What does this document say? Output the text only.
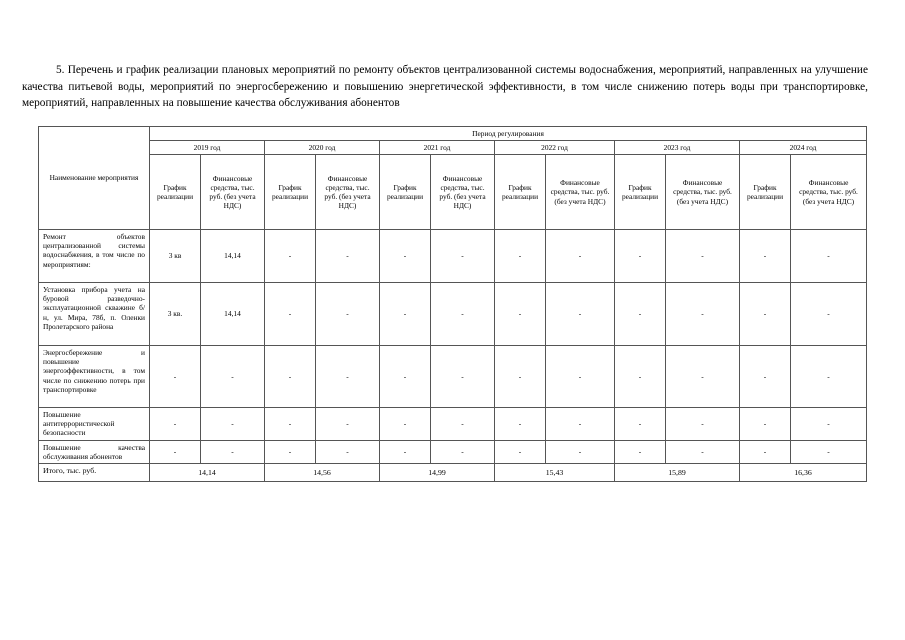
5. Перечень и график реализации плановых мероприятий по ремонту объектов централизованной системы водоснабжения, мероприятий, направленных на улучшение качества питьевой воды, мероприятий по энергосбережению и повышению энергетической эффективности, в том числе снижению потерь воды при транспортировке, мероприятий, направленных на повышение качества обслуживания абонентов

Наименование мероприятия	Период регулирования											
	2019 год		2020 год		2021 год		2022 год		2023 год		2024 год	
	График реализации	Финансовые средства, тыс. руб. (без учета НДС)	График реализации	Финансовые средства, тыс. руб. (без учета НДС)	График реализации	Финансовые средства, тыс. руб. (без учета НДС)	График реализации	Финансовые средства, тыс. руб. (без учета НДС)	График реализации	Финансовые средства, тыс. руб. (без учета НДС)	График реализации	Финансовые средства, тыс. руб. (без учета НДС)
Ремонт объектов централизованной системы водоснабжения, в том числе по мероприятиям:	3 кв	14,14	-	-	-	-	-	-	-	-	-	-
Установка прибора учета на буровой разведочно-эксплуатационной скважине б/н, ул. Мира, 78б, п. Оленки Пролетарского района	3 кв.	14,14	-	-	-	-	-	-	-	-	-	-
Энергосбережение и повышение энергоэффективности, в том числе по снижению потерь при транспортировке	-	-	-	-	-	-	-	-	-	-	-	-
Повышение антитеррористической безопасности	-	-	-	-	-	-	-	-	-	-	-	-
Повышение качества обслуживания абонентов	-	-	-	-	-	-	-	-	-	-	-	-
Итого, тыс. руб.	14,14		14,56		14,99		15,43		15,89		16,36	
